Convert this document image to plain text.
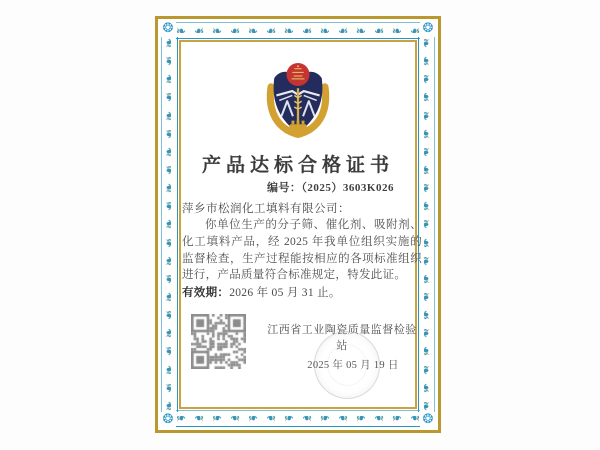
❧ ❧ ❧ ❧ ❧ ❧ ❧ ❧ ❧ ❧ ❧ ❧ ❧ ❧
❧ ❧ ❧ ❧ ❧ ❧ ❧ ❧ ❧ ❧ ❧ ❧ ❧ ❧
❧
❧
❧
❧
❧
❧
❧
❧
❧
❧
❧
❧
❧
❧
❧
❧
❧
❧
❧
❧
❧
❧
❧
❧
❧
❧
❧
❧
❧
❧
❧
❧
❧
❧
❧
❧
❧
❧
❧
❧
❧
❧
❂	❂
❂	❂
产品达标合格证书
编号：（2025）3603K026
萍乡市松润化工填料有限公司：
你单位生产的分子筛、催化剂、吸附剂、化工填料产品，经 2025 年我单位组织实施的监督检查，生产过程能按相应的各项标准组织进行，产品质量符合标准规定，特发此证。
有效期：2026 年 05 月 31 止。
江西省工业陶瓷质量监督检验站
2025 年 05 月 19 日
